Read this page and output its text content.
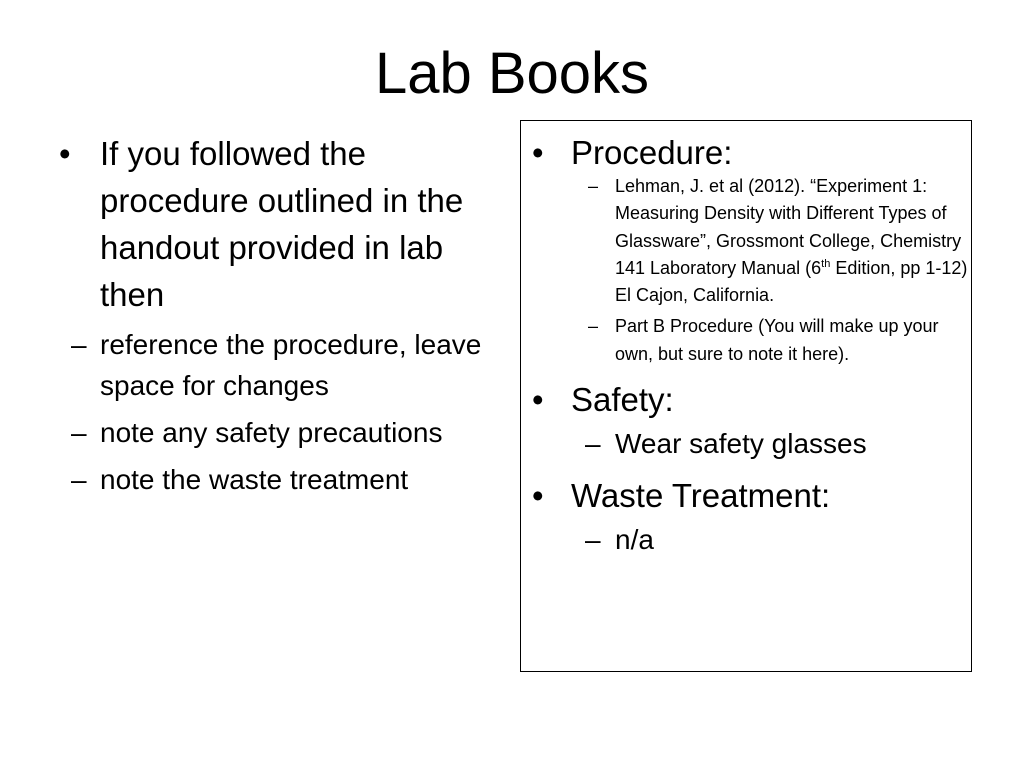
Lab Books
• If you followed the procedure outlined in the handout provided in lab then
– reference the procedure, leave space for changes
– note any safety precautions
– note the waste treatment
• Procedure:
– Lehman, J. et al (2012). “Experiment 1: Measuring Density with Different Types of Glassware”, Grossmont College, Chemistry 141 Laboratory Manual (6th Edition, pp 1-12) El Cajon, California.
– Part B Procedure (You will make up your own, but sure to note it here).
• Safety:
– Wear safety glasses
• Waste Treatment:
– n/a
